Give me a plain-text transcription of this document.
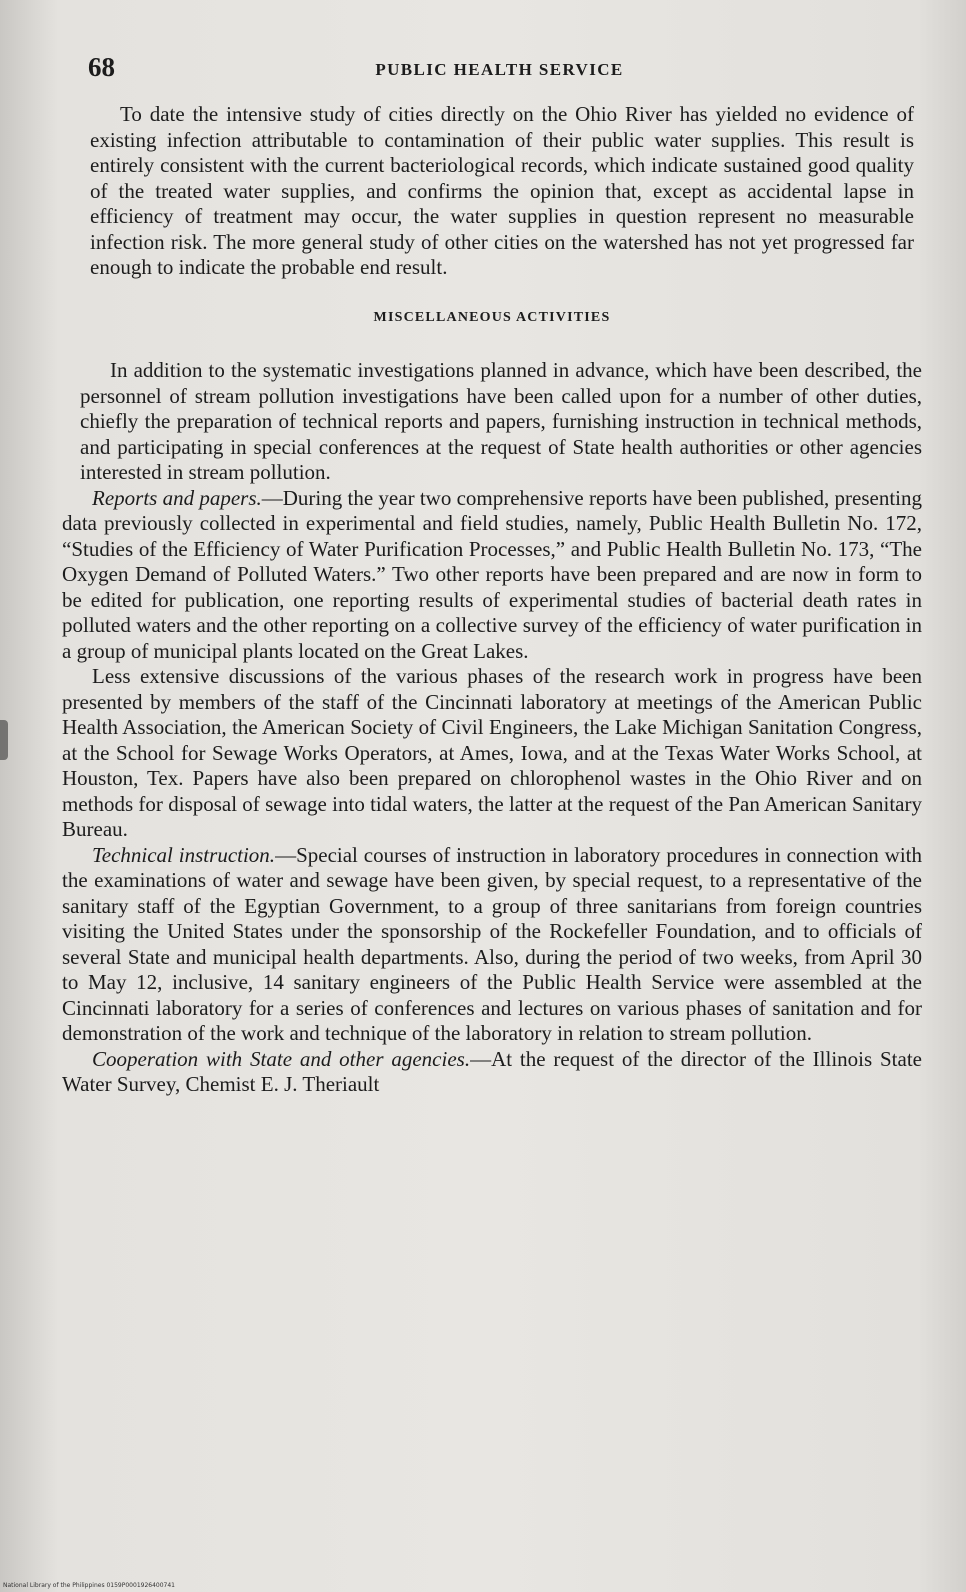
68	PUBLIC HEALTH SERVICE

To date the intensive study of cities directly on the Ohio River has yielded no evidence of existing infection attributable to contamination of their public water supplies. This result is entirely consistent with the current bacteriological records, which indicate sustained good quality of the treated water supplies, and confirms the opinion that, except as accidental lapse in efficiency of treatment may occur, the water supplies in question represent no measurable infection risk. The more general study of other cities on the watershed has not yet progressed far enough to indicate the probable end result.

MISCELLANEOUS ACTIVITIES

In addition to the systematic investigations planned in advance, which have been described, the personnel of stream pollution investigations have been called upon for a number of other duties, chiefly the preparation of technical reports and papers, furnishing instruction in technical methods, and participating in special conferences at the request of State health authorities or other agencies interested in stream pollution.

Reports and papers.—During the year two comprehensive reports have been published, presenting data previously collected in experimental and field studies, namely, Public Health Bulletin No. 172, “Studies of the Efficiency of Water Purification Processes,” and Public Health Bulletin No. 173, “The Oxygen Demand of Polluted Waters.” Two other reports have been prepared and are now in form to be edited for publication, one reporting results of experimental studies of bacterial death rates in polluted waters and the other reporting on a collective survey of the efficiency of water purification in a group of municipal plants located on the Great Lakes.

Less extensive discussions of the various phases of the research work in progress have been presented by members of the staff of the Cincinnati laboratory at meetings of the American Public Health Association, the American Society of Civil Engineers, the Lake Michigan Sanitation Congress, at the School for Sewage Works Operators, at Ames, Iowa, and at the Texas Water Works School, at Houston, Tex. Papers have also been prepared on chlorophenol wastes in the Ohio River and on methods for disposal of sewage into tidal waters, the latter at the request of the Pan American Sanitary Bureau.

Technical instruction.—Special courses of instruction in laboratory procedures in connection with the examinations of water and sewage have been given, by special request, to a representative of the sanitary staff of the Egyptian Government, to a group of three sanitarians from foreign countries visiting the United States under the sponsorship of the Rockefeller Foundation, and to officials of several State and municipal health departments. Also, during the period of two weeks, from April 30 to May 12, inclusive, 14 sanitary engineers of the Public Health Service were assembled at the Cincinnati laboratory for a series of conferences and lectures on various phases of sanitation and for demonstration of the work and technique of the laboratory in relation to stream pollution.

Cooperation with State and other agencies.—At the request of the director of the Illinois State Water Survey, Chemist E. J. Theriault

National Library of the Philippines 0159P0001926400741
